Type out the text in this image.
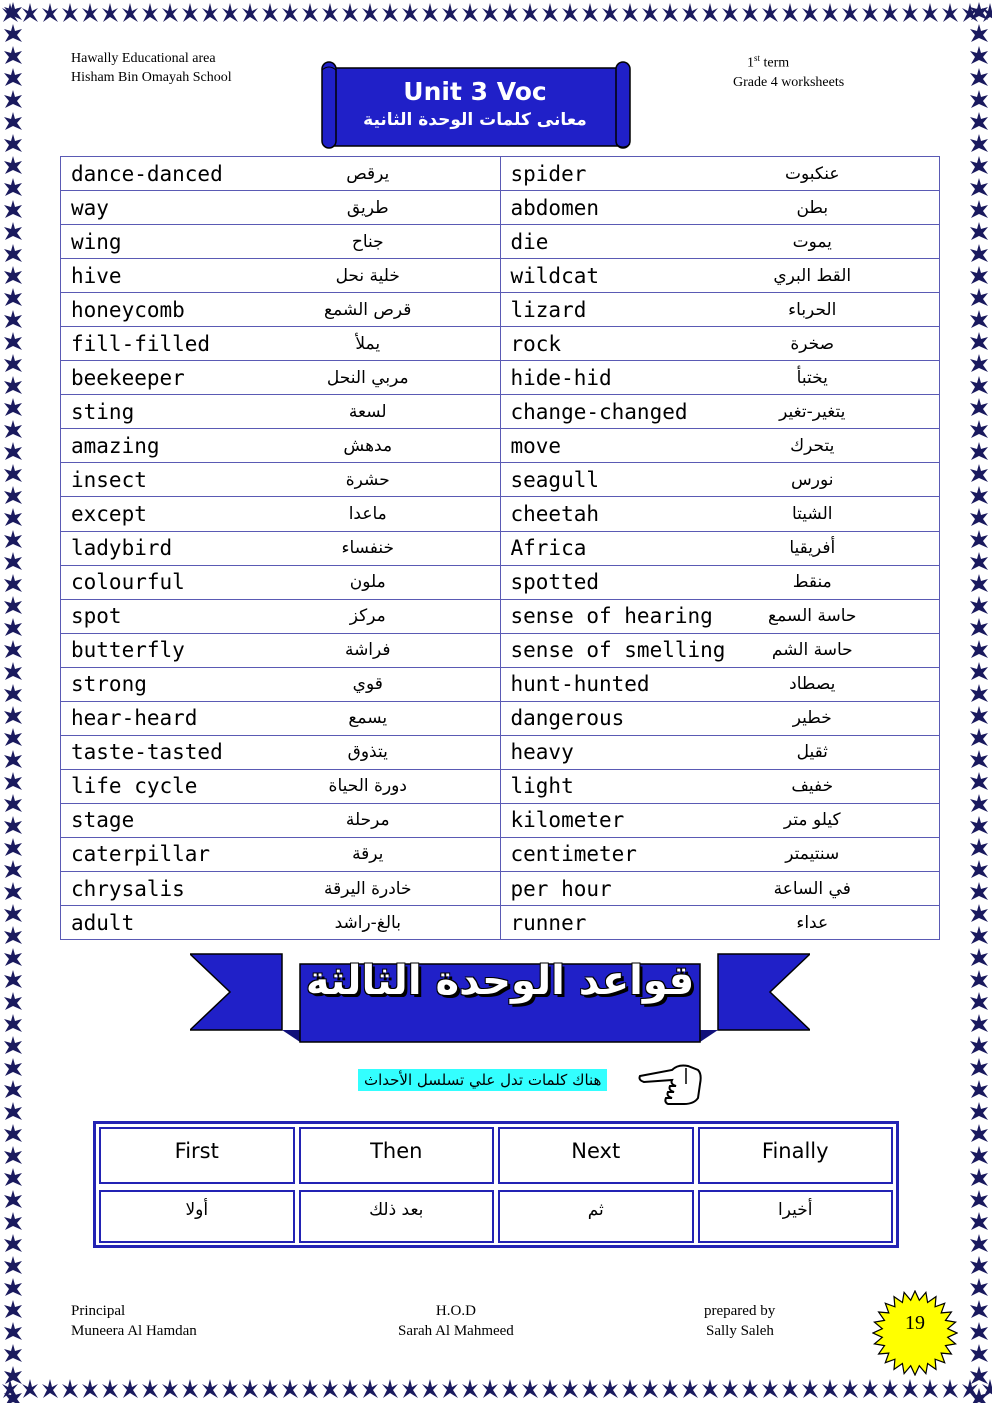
Hawally Educational area
Hisham Bin Omayah School
1st term
Grade 4 worksheets
Unit 3 Voc
معانى كلمات الوحدة الثانية
dance-danced يرقص	spider عنكبوت

way طريق	abdomen بطن

wing جناح	die يموت

hive خلية نحل	wildcat القط البري

honeycomb قرص الشمع	lizard الحرباء

fill-filled يملأ	rock صخرة

beekeeper مربي النحل	hide-hid يختبأ

sting لسعة	change-changed يتغير-تغير

amazing مدهش	move يتحرك

insect حشرة	seagull نورس

except ماعدا	cheetah الشيتا

ladybird خنفساء	Africa أفريقيا

colourful ملون	spotted منقط

spot مركز	sense of hearing حاسة السمع

butterfly فراشة	sense of smelling حاسة الشم

strong قوي	hunt-hunted يصطاد

hear-heard يسمع	dangerous خطير

taste-tasted يتذوق	heavy ثقيل

life cycle دورة الحياة	light خفيف

stage مرحلة	kilometer كيلو متر

caterpillar يرقة	centimeter سنتيمتر

chrysalis خادرة اليرقة	per hour في الساعة

adult بالغ-راشد	runner عداء
قواعد الوحدة الثالثة
هناك كلمات تدل علي تسلسل الأحداث
First	Then	Next	Finally
أولا	بعد ذلك	ثم	أخيرا
Principal
Muneera Al Hamdan
H.O.D
Sarah Al Mahmeed
prepared by
Sally Saleh	19
